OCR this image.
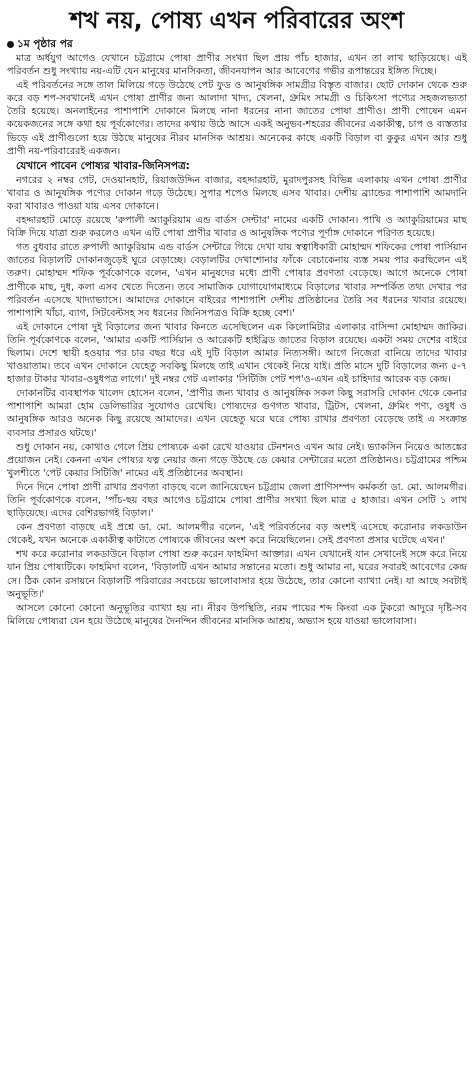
শখ নয়, পোষ্য এখন পরিবারের অংশ
১ম পৃষ্ঠার পর

মাত্র অর্ধযুগ আগেও যেখানে চট্টগ্রামে পোষা প্রাণীর সংখ্যা ছিল প্রায় পাঁচ হাজার, এখন তা লাখ ছাড়িয়েছে। এই পরিবর্তন শুধু সংখ্যায় নয়-এটি যেন মানুষের মানসিকতা, জীবনযাপন আর আবেগের গভীর রূপান্তরের ইঙ্গিত দিচ্ছে।

এই পরিবর্তনের সঙ্গে তাল মিলিয়ে গড়ে উঠেছে পেট ফুড ও আনুষঙ্গিক সামগ্রীর বিস্তৃত বাজার। ছোট দোকান থেকে শুরু করে বড় শপ-সবখানেই এখন পোষা প্রাণীর জন্য আলাদা খাদ্য, খেলনা, গ্রুমিং সামগ্রী ও চিকিৎসা পণ্যের সহজলভ্যতা তৈরি হয়েছে। অনলাইনের পাশাপাশি দোকানে মিলছে নানা ধরনের নানা জাতের পোষা প্রাণীও। প্রাণী পোষেন এমন কয়েকজনের সঙ্গে কথা হয় পূর্বকোণের। তাদের কথায় উঠে আসে একই অনুভব-শহরের জীবনের একাকীত্ব, চাপ ও ব্যস্ততার ভিড়ে এই প্রাণীগুলো হয়ে উঠছে মানুষের নীরব মানসিক আশ্রয়। অনেকের কাছে একটি বিড়াল বা কুকুর এখন আর শুধু প্রাণী নয়-পরিবারেরই একজন।

যেখানে পাবেন পোষ্যর খাবার-জিনিসপত্র:

নগরের ২ নম্বর গেট, দেওয়ানহাট, রিয়াজউদ্দিন বাজার, বহদ্দারহাট, মুরাদপুরসহ বিভিন্ন এলাকায় এখন পোষা প্রাণীর খাবার ও আনুষঙ্গিক পণ্যের দোকান গড়ে উঠেছে। সুপার শপেও মিলছে এসব খাবার। দেশীয় ব্র্যান্ডের পাশাপাশি আমদানি করা খাবারও পাওয়া যায় এসব দোকানে।

বহদ্দারহাট মোড়ে রয়েছে 'রুপালী অ্যাকুরিয়াম এন্ড বার্ডস সেন্টার' নামের একটি দোকান। পাখি ও অ্যাকুরিয়ামের মাছ বিক্রি দিয়ে যাত্রা শুরু করলেও এখন এটি পোষা প্রাণীর খাবার ও আনুষঙ্গিক পণ্যের পূর্ণাঙ্গ দোকানে পরিণত হয়েছে।

গত বুধবার রাতে রুপালী অ্যাকুরিয়াম এন্ড বার্ডস সেন্টারে গিয়ে দেখা যায় স্বত্বাধিকারী মোহাম্মদ শফিকের পোষা পার্সিয়ান জাতের বিড়ালটি দোকানজুড়েই ঘুরে বেড়াচ্ছে। বেড়ালটির দেখাশোনার ফাঁকে বেচাকেনায় ব্যস্ত সময় পার করছিলেন এই তরুণ। মোহাম্মদ শফিক পূর্বকোণকে বলেন, 'এখন মানুষদের মধ্যে প্রাণী পোষার প্রবণতা বেড়েছে। আগে অনেকে পোষা প্রাণীকে মাছ, দুধ, কলা এসব খেতে দিতেন। তবে সামাজিক যোগাযোগমাধ্যমে বিড়ালের খাবার সম্পর্কিত তথ্য দেখার পর পরিবর্তন এসেছে খাদ্যাভ্যাসে। আমাদের দোকানে বাইরের পাশাপাশি দেশীয় প্রতিষ্ঠানের তৈরি সব ধরনের খাবার রয়েছে। পাশাপাশি খাঁচা, ব্যাগ, সিটবেল্টসহ সব ধরনের জিনিসপত্রও বিক্রি হচ্ছে বেশ।'

এই দোকানে পোষা দুই বিড়ালের জন্য খাবার কিনতে এসেছিলেন এক কিলোমিটার এলাকার বাসিন্দা মোহাম্মদ জাকির। তিনি পূর্বকোণকে বলেন, 'আমার একটি পার্সিয়ান ও আরেকটি হাইব্রিড জাতের বিড়াল রয়েছে। একটা সময় দেশের বাইরে ছিলাম। দেশে স্থায়ী হওয়ার পর চার বছর ধরে এই দুটি বিড়াল আমার নিত্যসঙ্গী। আগে নিজেরা বানিয়ে তাদের খাবার খাওয়াতাম। তবে এখন দোকানে যেহেতু সবকিছু মিলছে তাই এখান থেকেই নিয়ে যাই। প্রতি মাসে দুটি বিড়ালের জন্য ৫-৭ হাজার টাকার খাবার-ওষুধপত্র লাগে।' দুই নম্বর গেট এলাকার 'সিটিজি পেট শপ'ও-এখন এই চাহিদার আরেক বড় কেন্দ্র।

দোকানটির ব্যবস্থাপক খালেদ হোসেন বলেন, 'প্রাণীর জন্য খাবার ও আনুষঙ্গিক সকল কিছু সরাসরি দোকান থেকে কেনার পাশাপাশি আমরা হোম ডেলিভারির সুযোগও রেখেছি। পোষ্যদের গুণগত খাবার, ট্রিটস, খেলনা, গ্রুমিং পণ্য, ওষুধ ও আনুষঙ্গিক আরও অনেক কিছু রয়েছে আমাদের। এখন যেহেতু ঘরে ঘরে পোষ্য রাখার প্রবণতা বেড়েছে তাই এ সংক্রান্ত ব্যবসার প্রসারও ঘটছে।'

শুধু দোকান নয়, কোথাও গেলে প্রিয় পোষ্যকে একা রেখে যাওয়ার টেনশনও এখন আর নেই। ভ্যাকসিন নিয়েও আতঙ্কের প্রয়োজন নেই। কেননা এখন পোষ্যর যত্ন নেয়ার জন্য গড়ে উঠছে ডে কেয়ার সেন্টারের মতো প্রতিষ্ঠানও। চট্টগ্রামের পশ্চিম খুলশীতে 'পেট কেয়ার সিটিজি' নামের এই প্রতিষ্ঠানের অবস্থান।

দিনে দিনে পোষা প্রাণী রাখার প্রবণতা বাড়ছে বলে জানিয়েছেন চট্টগ্রাম জেলা প্রাণিসম্পদ কর্মকর্তা ডা. মো. আলমগীর। তিনি পূর্বকোণকে বলেন, 'পাঁচ-ছয় বছর আগেও চট্টগ্রামে পোষা প্রাণীর সংখ্যা ছিল মাত্র ৫ হাজার। এখন সেটি ১ লাখ ছাড়িয়েছে। এদের বেশিরভাগই বিড়াল।'

কেন প্রবণতা বাড়ছে এই প্রশ্নে ডা. মো. আলমগীর বলেন, 'এই পরিবর্তনের বড় অংশই এসেছে করোনার লকডাউন থেকেই, যখন অনেকে একাকীত্ব কাটাতে পোষ্যকে জীবনের অংশ করে নিয়েছিলেন। সেই প্রবণতা প্রসার ঘটেছে এখন।'

শখ করে করোনার লকডাউনে বিড়াল পোষা শুরু করেন ফাহমিদা আক্তার। এখন যেখানেই যান সেখানেই সঙ্গে করে নিয়ে যান প্রিয় পোষ্যটিকে। ফাহমিদা বলেন, 'বিড়ালটি এখন আমার সন্তানের মতো। শুধু আমার না, ঘরের সবারই আবেগের কেন্দ্র সে। ঠিক কোন রসায়নে বিড়ালটি পরিবারের সবচেয়ে ভালোবাসার হয়ে উঠেছে, তার কোনো ব্যাখ্যা নেই। যা আছে সবটাই অনুভূতি।'

আসলে কোনো কোনো অনুভূতির ব্যাখ্যা হয় না। নীরব উপস্থিতি, নরম পায়ের শব্দ কিংবা এক টুকরো আদুরে দৃষ্টি-সব মিলিয়ে পোষ্যরা যেন হয়ে উঠেছে মানুষের দৈনন্দিন জীবনের মানসিক আশ্রয়, অভ্যাস হয়ে যাওয়া ভালোবাসা।
